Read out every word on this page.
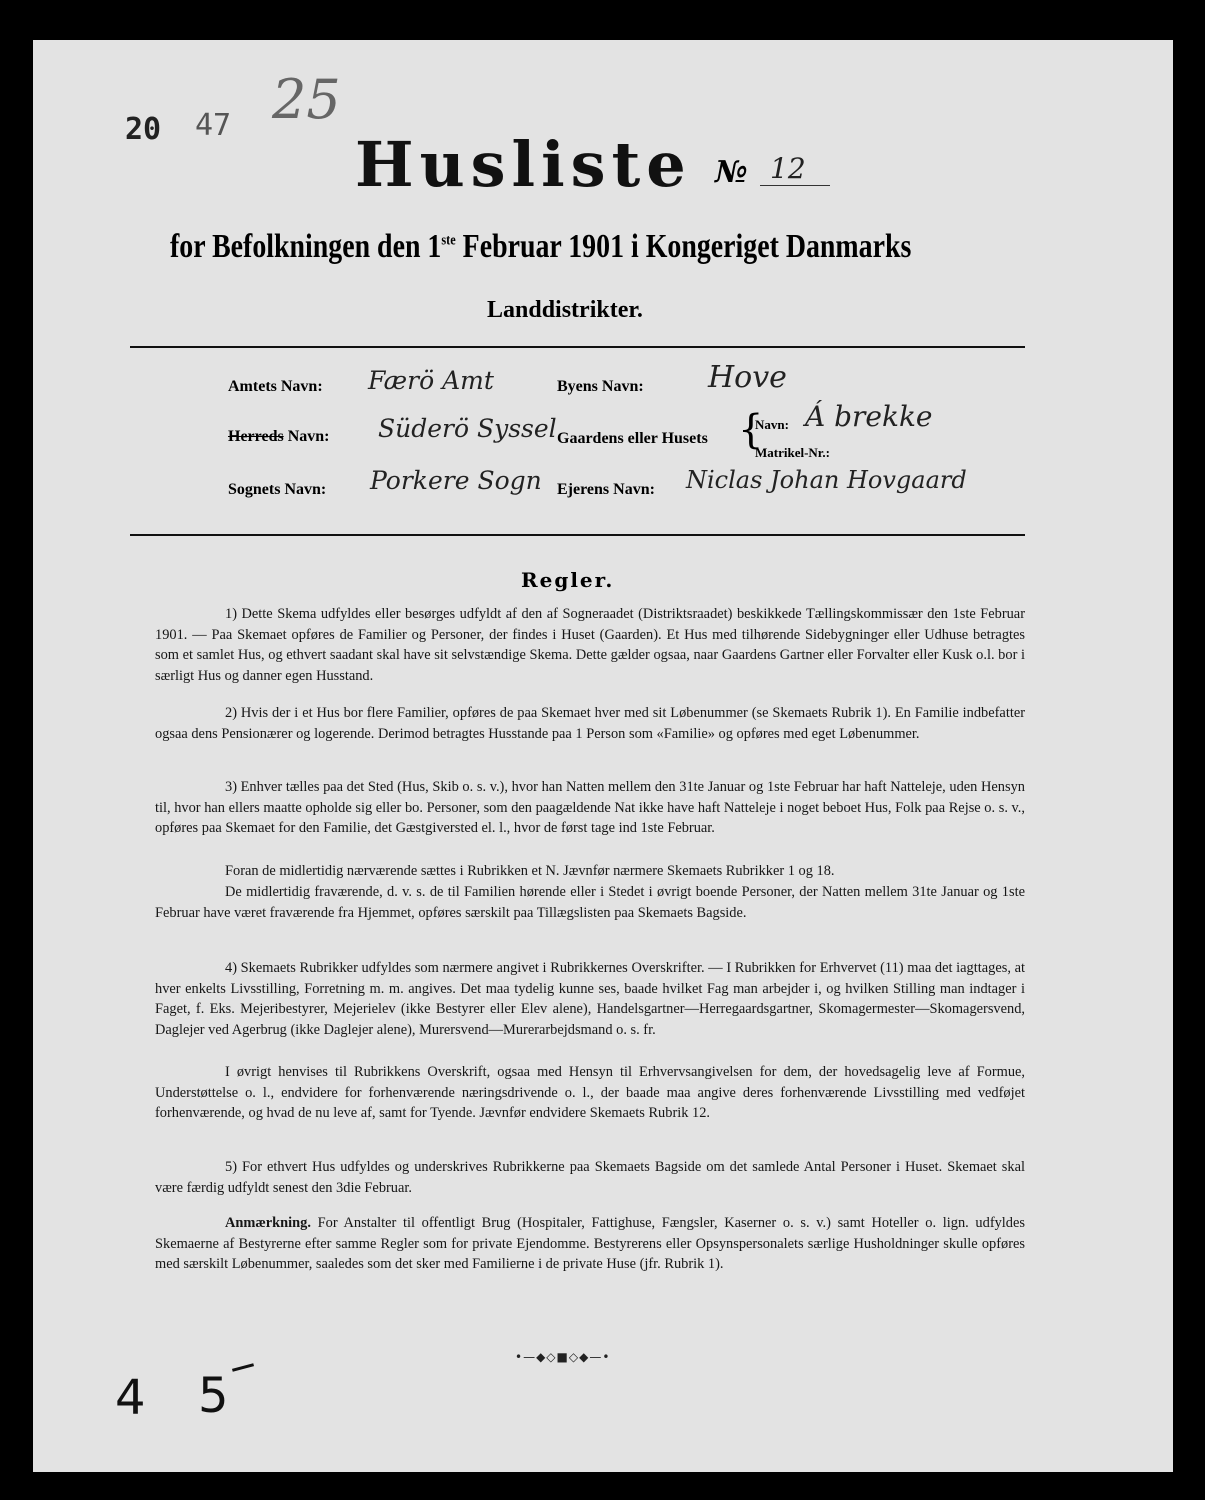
20 47 25
Husliste № 12
for Befolkningen den 1ste Februar 1901 i Kongeriget Danmarks
Landdistrikter.
Amtets Navn: Færö Amt	Byens Navn: Hove
Herreds Navn: Süderö Syssel Gaardens eller Husets {
Navn: Á brekke
Matrikel-Nr.:
Sognets Navn: Porkere Sogn Ejerens Navn: Niclas Johan Hovgaard
Regler.

1) Dette Skema udfyldes eller besørges udfyldt af den af Sogneraadet (Distriktsraadet) beskikkede Tællingskommissær den 1ste Februar 1901. — Paa Skemaet opføres de Familier og Personer, der findes i Huset (Gaarden). Et Hus med tilhørende Sidebygninger eller Udhuse betragtes som et samlet Hus, og ethvert saadant skal have sit selvstændige Skema. Dette gælder ogsaa, naar Gaardens Gartner eller Forvalter eller Kusk o.l. bor i særligt Hus og danner egen Husstand.

2) Hvis der i et Hus bor flere Familier, opføres de paa Skemaet hver med sit Løbenummer (se Skemaets Rubrik 1). En Familie indbefatter ogsaa dens Pensionærer og logerende. Derimod betragtes Husstande paa 1 Person som «Familie» og opføres med eget Løbenummer.

3) Enhver tælles paa det Sted (Hus, Skib o. s. v.), hvor han Natten mellem den 31te Januar og 1ste Februar har haft Natteleje, uden Hensyn til, hvor han ellers maatte opholde sig eller bo. Personer, som den paagældende Nat ikke have haft Natteleje i noget beboet Hus, Folk paa Rejse o. s. v., opføres paa Skemaet for den Familie, det Gæstgiversted el. l., hvor de først tage ind 1ste Februar.

Foran de midlertidig nærværende sættes i Rubrikken et N. Jævnfør nærmere Skemaets Rubrikker 1 og 18.

De midlertidig fraværende, d. v. s. de til Familien hørende eller i Stedet i øvrigt boende Personer, der Natten mellem 31te Januar og 1ste Februar have været fraværende fra Hjemmet, opføres særskilt paa Tillægslisten paa Skemaets Bagside.

4) Skemaets Rubrikker udfyldes som nærmere angivet i Rubrikkernes Overskrifter. — I Rubrikken for Erhvervet (11) maa det iagttages, at hver enkelts Livsstilling, Forretning m. m. angives. Det maa tydelig kunne ses, baade hvilket Fag man arbejder i, og hvilken Stilling man indtager i Faget, f. Eks. Mejeribestyrer, Mejerielev (ikke Bestyrer eller Elev alene), Handelsgartner—Herregaardsgartner, Skomagermester—Skomagersvend, Daglejer ved Agerbrug (ikke Daglejer alene), Murersvend—Murerarbejdsmand o. s. fr.

I øvrigt henvises til Rubrikkens Overskrift, ogsaa med Hensyn til Erhvervsangivelsen for dem, der hovedsagelig leve af Formue, Understøttelse o. l., endvidere for forhenværende næringsdrivende o. l., der baade maa angive deres forhenværende Livsstilling med vedføjet forhenværende, og hvad de nu leve af, samt for Tyende. Jævnfør endvidere Skemaets Rubrik 12.

5) For ethvert Hus udfyldes og underskrives Rubrikkerne paa Skemaets Bagside om det samlede Antal Personer i Huset. Skemaet skal være færdig udfyldt senest den 3die Februar.

Anmærkning. For Anstalter til offentligt Brug (Hospitaler, Fattighuse, Fængsler, Kaserner o. s. v.) samt Hoteller o. lign. udfyldes Skemaerne af Bestyrerne efter samme Regler som for private Ejendomme. Bestyrerens eller Opsynspersonalets særlige Husholdninger skulle opføres med særskilt Løbenummer, saaledes som det sker med Familierne i de private Huse (jfr. Rubrik 1).

•—◆◇■◇◆—•
4 5
